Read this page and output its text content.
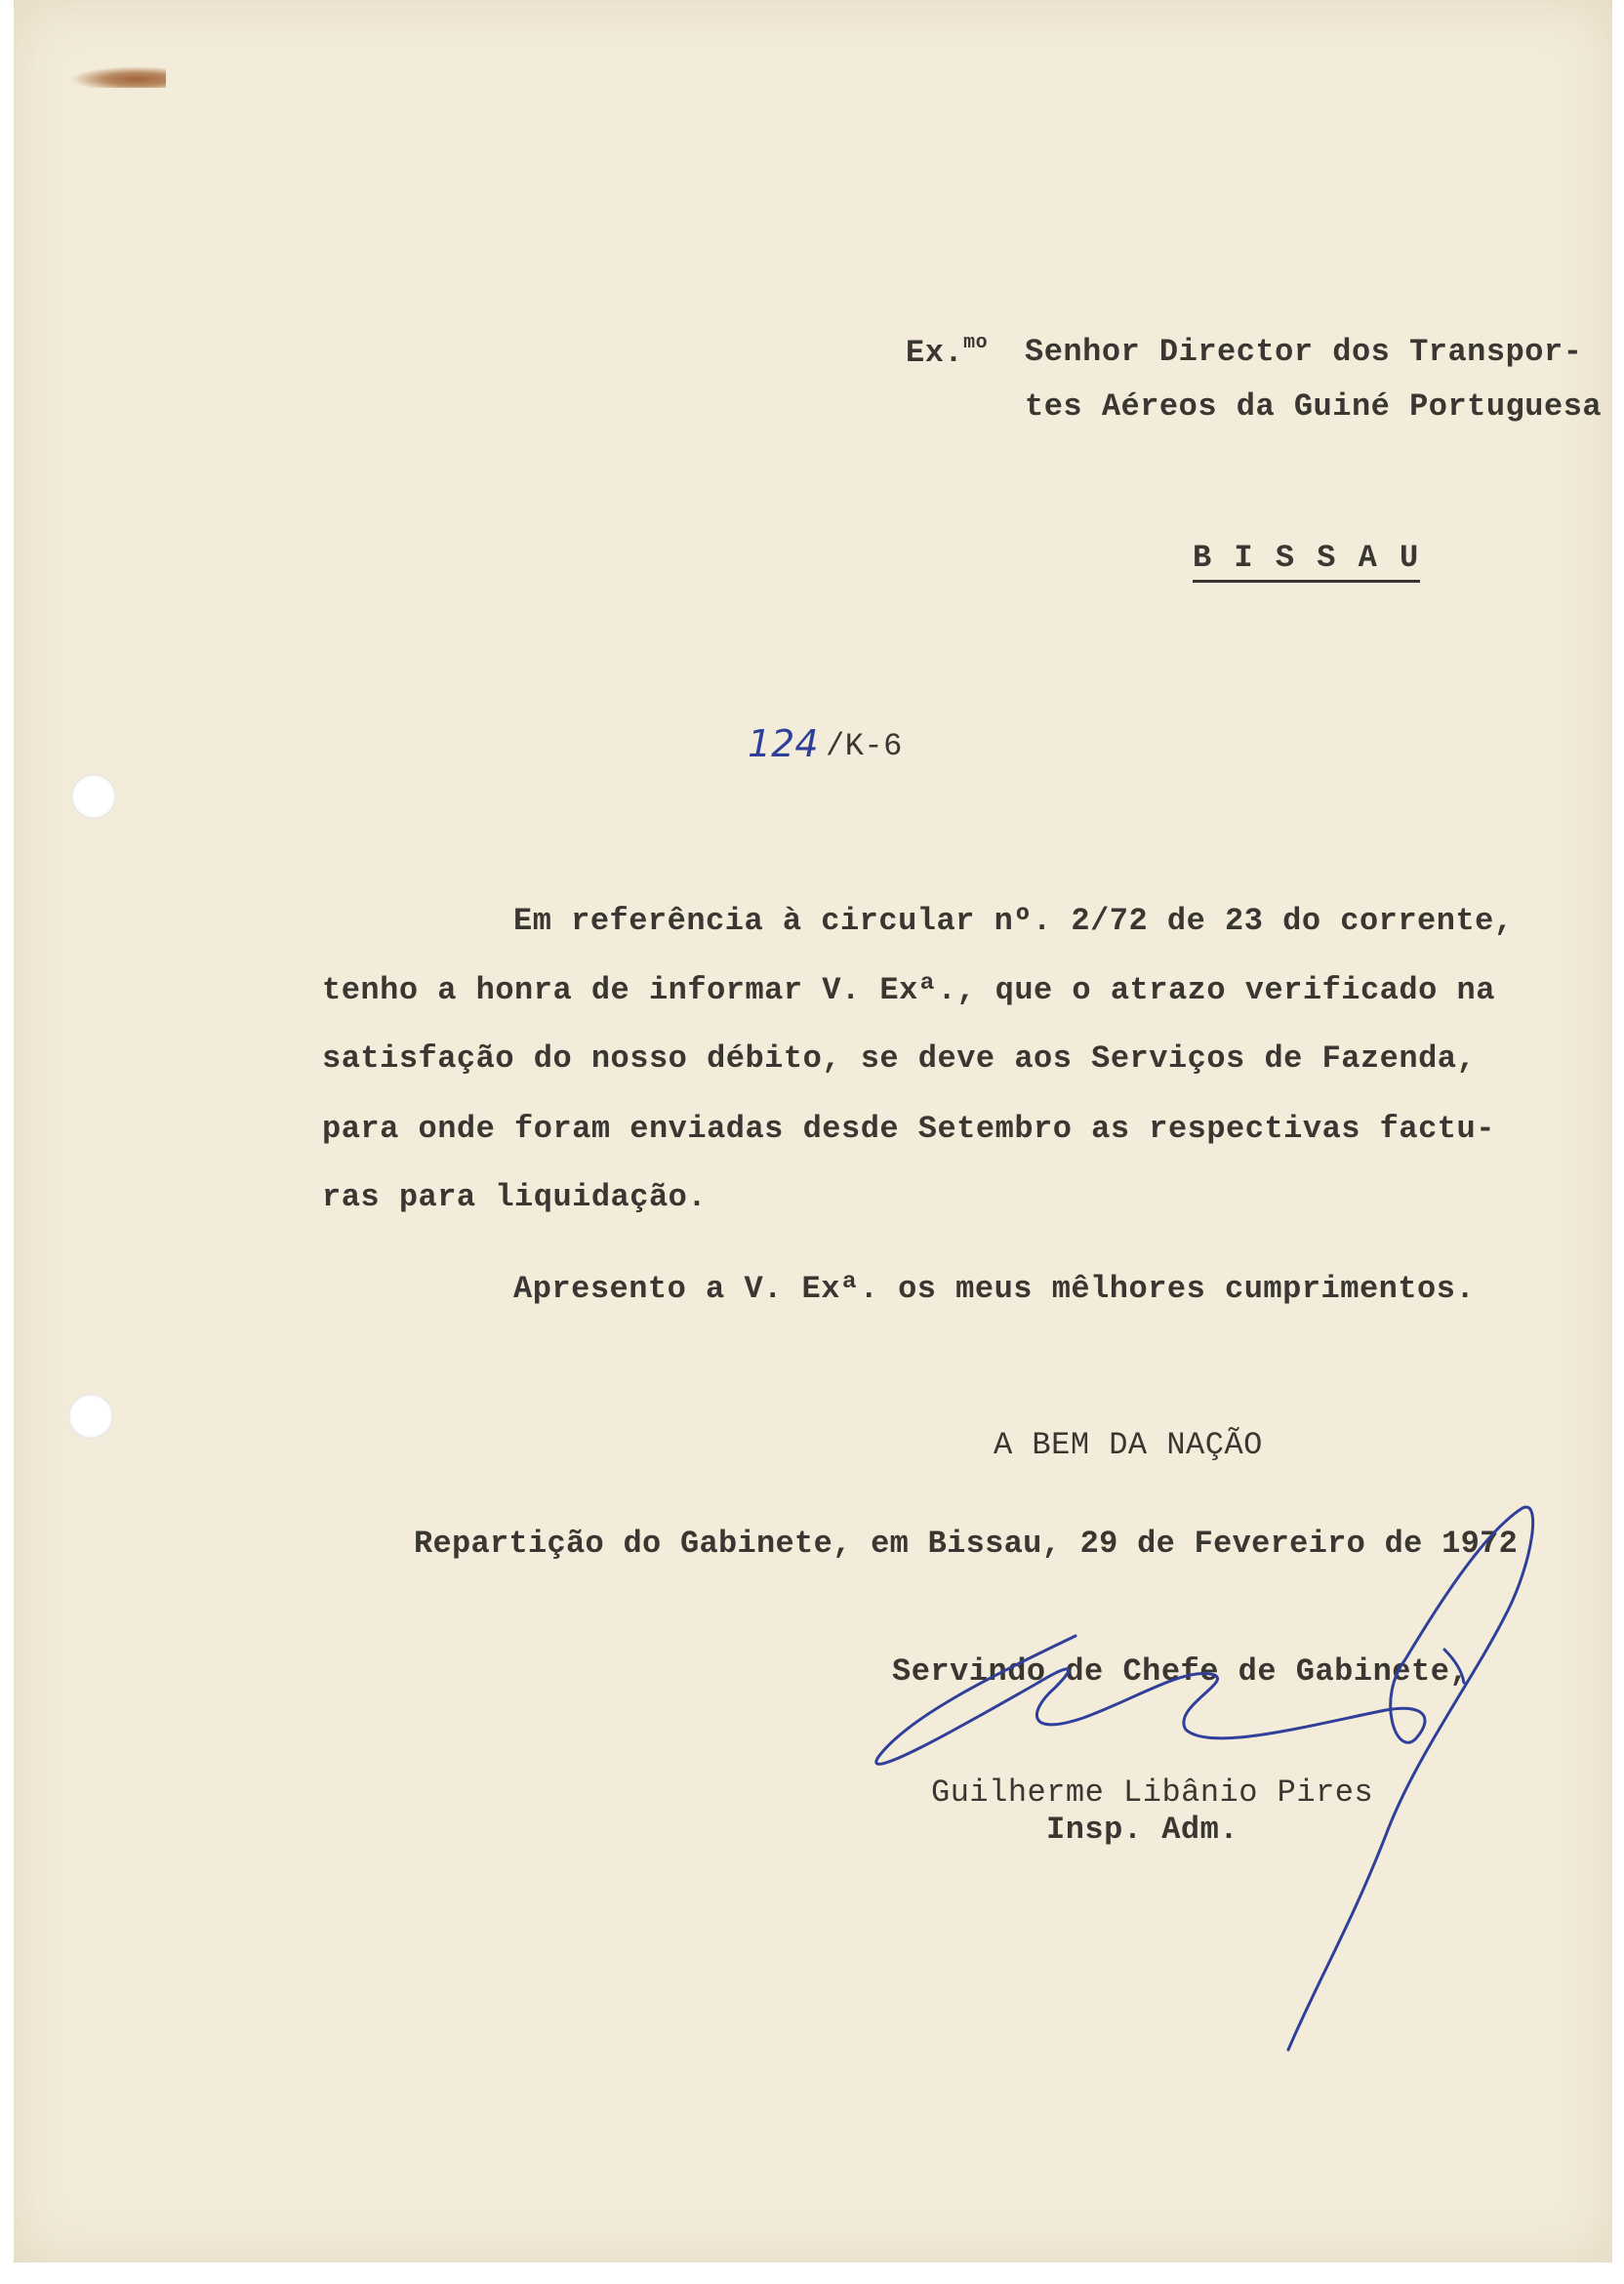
Ex.$^{mo}$ Senhor Director dos Transpor-
tes Aéreos da Guiné Portuguesa
B I S S A U
124 /K-6
Em referência à circular nº. 2/72 de 23 do corrente,
tenho a honra de informar V. Exª., que o atrazo verificado na
satisfação do nosso débito, se deve aos Serviços de Fazenda,
para onde foram enviadas desde Setembro as respectivas factu-
ras para liquidação.
Apresento a V. Exª. os meus mêlhores cumprimentos.
A BEM DA NAÇÃO
Repartição do Gabinete, em Bissau, 29 de Fevereiro de 1972
Servindo de Chefe de Gabinete,
Guilherme Libânio Pires
Insp. Adm.
